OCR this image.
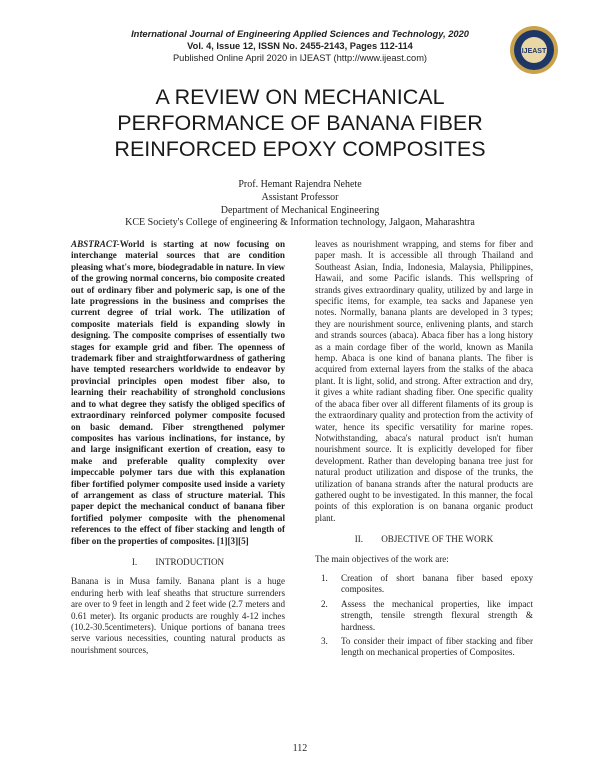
International Journal of Engineering Applied Sciences and Technology, 2020
Vol. 4, Issue 12, ISSN No. 2455-2143, Pages 112-114
Published Online April 2020 in IJEAST (http://www.ijeast.com)
IJEAST
A REVIEW ON MECHANICAL
PERFORMANCE OF BANANA FIBER
REINFORCED EPOXY COMPOSITES
Prof. Hemant Rajendra Nehete
Assistant Professor
Department of Mechanical Engineering
KCE Society's College of engineering & Information technology, Jalgaon, Maharashtra

ABSTRACT-World is starting at now focusing on interchange material sources that are condition pleasing what's more, biodegradable in nature. In view of the growing normal concerns, bio composite created out of ordinary fiber and polymeric sap, is one of the late progressions in the business and comprises the current degree of trial work. The utilization of composite materials field is expanding slowly in designing. The composite comprises of essentially two stages for example grid and fiber. The openness of trademark fiber and straightforwardness of gathering have tempted researchers worldwide to endeavor by provincial principles open modest fiber also, to learning their reachability of stronghold conclusions and to what degree they satisfy the obliged specifics of extraordinary reinforced polymer composite focused on basic demand. Fiber strengthened polymer composites has various inclinations, for instance, by and large insignificant exertion of creation, easy to make and preferable quality complexity over impeccable polymer tars due with this explanation fiber fortified polymer composite used inside a variety of arrangement as class of structure material. This paper depict the mechanical conduct of banana fiber fortified polymer composite with the phenomenal references to the effect of fiber stacking and length of fiber on the properties of composites. [1][3][5]

I. INTRODUCTION

Banana is in Musa family. Banana plant is a huge enduring herb with leaf sheaths that structure surrenders are over to 9 feet in length and 2 feet wide (2.7 meters and 0.61 meter). Its organic products are roughly 4-12 inches (10.2-30.5centimeters). Unique portions of banana trees serve various necessities, counting natural products as nourishment sources,

leaves as nourishment wrapping, and stems for fiber and paper mash. It is accessible all through Thailand and Southeast Asian, India, Indonesia, Malaysia, Philippines, Hawaii, and some Pacific islands. This wellspring of strands gives extraordinary quality, utilized by and large in specific items, for example, tea sacks and Japanese yen notes. Normally, banana plants are developed in 3 types; they are nourishment source, enlivening plants, and starch and strands sources (abaca). Abaca fiber has a long history as a main cordage fiber of the world, known as Manila hemp. Abaca is one kind of banana plants. The fiber is acquired from external layers from the stalks of the abaca plant. It is light, solid, and strong. After extraction and dry, it gives a white radiant shading fiber. One specific quality of the abaca fiber over all different filaments of its group is the extraordinary quality and protection from the activity of water, hence its specific versatility for marine ropes. Notwithstanding, abaca's natural product isn't human nourishment source. It is explicitly developed for fiber development. Rather than developing banana tree just for natural product utilization and dispose of the trunks, the utilization of banana strands after the natural products are gathered ought to be investigated. In this manner, the focal points of this exploration is on banana organic product plant.

II. OBJECTIVE OF THE WORK

The main objectives of the work are:

1. Creation of short banana fiber based epoxy composites.
2. Assess the mechanical properties, like impact strength, tensile strength flexural strength & hardness.
3. To consider their impact of fiber stacking and fiber length on mechanical properties of Composites.
112
